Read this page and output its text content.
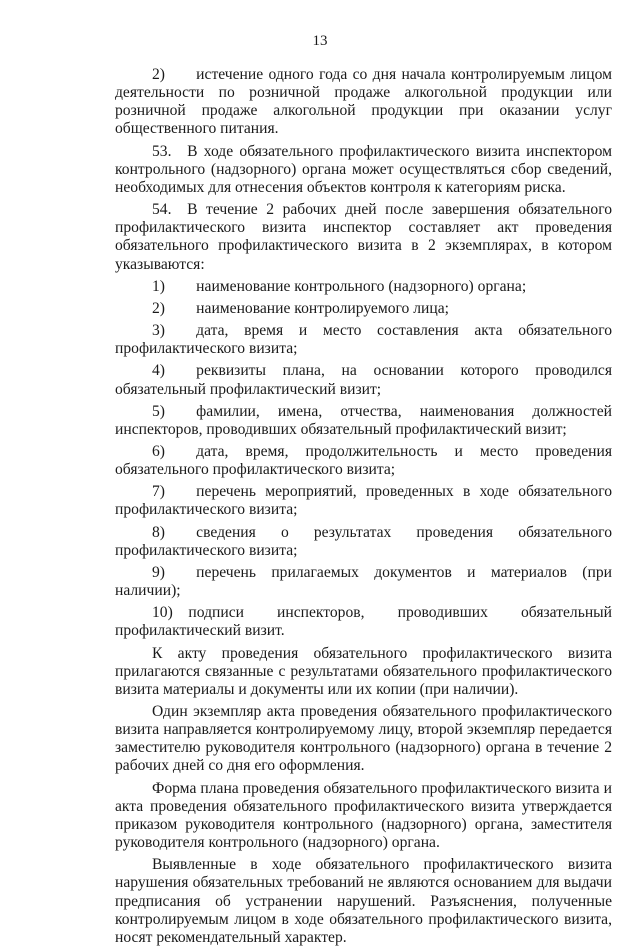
13

2)  истечение одного года со дня начала контролируемым лицом деятельности по розничной продаже алкогольной продукции или розничной продаже алкогольной продукции при оказании услуг общественного питания.

53. В ходе обязательного профилактического визита инспектором контрольного (надзорного) органа может осуществляться сбор сведений, необходимых для отнесения объектов контроля к категориям риска.

54. В течение 2 рабочих дней после завершения обязательного профилактического визита инспектор составляет акт проведения обязательного профилактического визита в 2 экземплярах, в котором указываются:

1)  наименование контрольного (надзорного) органа;

2)  наименование контролируемого лица;

3)  дата, время и место составления акта обязательного профилактического визита;

4)  реквизиты плана, на основании которого проводился обязательный профилактический визит;

5)  фамилии, имена, отчества, наименования должностей инспекторов, проводивших обязательный профилактический визит;

6)  дата, время, продолжительность и место проведения обязательного профилактического визита;

7)  перечень мероприятий, проведенных в ходе обязательного профилактического визита;

8)  сведения о результатах проведения обязательного профилактического визита;

9)  перечень прилагаемых документов и материалов (при наличии);

10) подписи инспекторов, проводивших обязательный профилактический визит.

К акту проведения обязательного профилактического визита прилагаются связанные с результатами обязательного профилактического визита материалы и документы или их копии (при наличии).

Один экземпляр акта проведения обязательного профилактического визита направляется контролируемому лицу, второй экземпляр передается заместителю руководителя контрольного (надзорного) органа в течение 2 рабочих дней со дня его оформления.

Форма плана проведения обязательного профилактического визита и акта проведения обязательного профилактического визита утверждается приказом руководителя контрольного (надзорного) органа, заместителя руководителя контрольного (надзорного) органа.

Выявленные в ходе обязательного профилактического визита нарушения обязательных требований не являются основанием для выдачи предписания об устранении нарушений. Разъяснения, полученные контролируемым лицом в ходе обязательного профилактического визита, носят рекомендательный характер.
